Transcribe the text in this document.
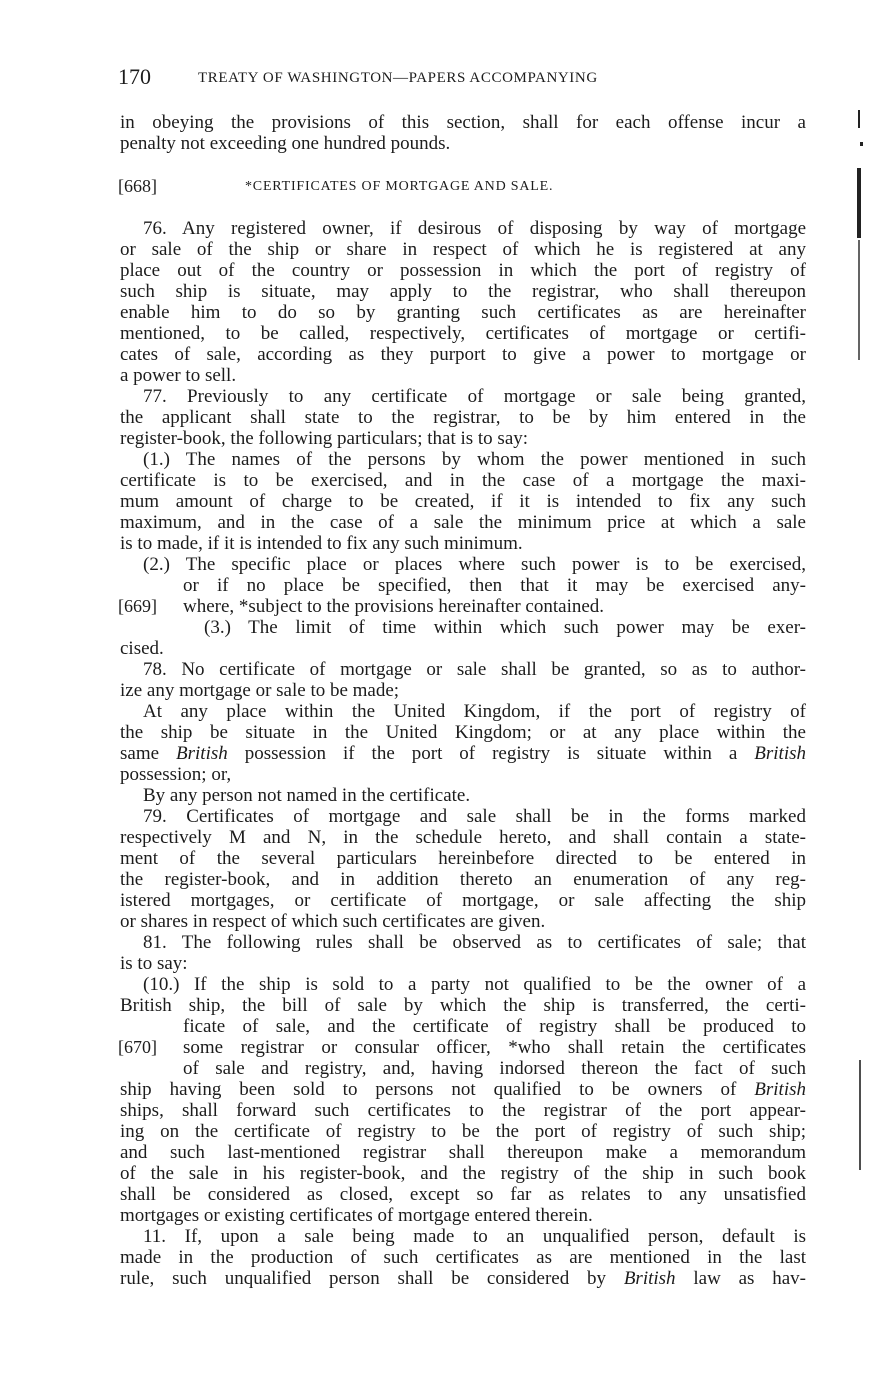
170	TREATY OF WASHINGTON—PAPERS ACCOMPANYING
in obeying the provisions of this section, shall for each offense incur a
penalty not exceeding one hundred pounds.
[668]	*CERTIFICATES OF MORTGAGE AND SALE.
76. Any registered owner, if desirous of disposing by way of mortgage
or sale of the ship or share in respect of which he is registered at any
place out of the country or possession in which the port of registry of
such ship is situate, may apply to the registrar, who shall thereupon
enable him to do so by granting such certificates as are hereinafter
mentioned, to be called, respectively, certificates of mortgage or certifi-
cates of sale, according as they purport to give a power to mortgage or
a power to sell.
77. Previously to any certificate of mortgage or sale being granted,
the applicant shall state to the registrar, to be by him entered in the
register-book, the following particulars; that is to say:
(1.) The names of the persons by whom the power mentioned in such
certificate is to be exercised, and in the case of a mortgage the maxi-
mum amount of charge to be created, if it is intended to fix any such
maximum, and in the case of a sale the minimum price at which a sale
is to made, if it is intended to fix any such minimum.
(2.) The specific place or places where such power is to be exercised,
or if no place be specified, then that it may be exercised any-
[669] where, *subject to the provisions hereinafter contained.
(3.) The limit of time within which such power may be exer-
cised.
78. No certificate of mortgage or sale shall be granted, so as to author-
ize any mortgage or sale to be made;
At any place within the United Kingdom, if the port of registry of
the ship be situate in the United Kingdom; or at any place within the
same British possession if the port of registry is situate within a British
possession; or,
By any person not named in the certificate.
79. Certificates of mortgage and sale shall be in the forms marked
respectively M and N, in the schedule hereto, and shall contain a state-
ment of the several particulars hereinbefore directed to be entered in
the register-book, and in addition thereto an enumeration of any reg-
istered mortgages, or certificate of mortgage, or sale affecting the ship
or shares in respect of which such certificates are given.
81. The following rules shall be observed as to certificates of sale; that
is to say:
(10.) If the ship is sold to a party not qualified to be the owner of a
British ship, the bill of sale by which the ship is transferred, the certi-
ficate of sale, and the certificate of registry shall be produced to
[670] some registrar or consular officer, *who shall retain the certificates
of sale and registry, and, having indorsed thereon the fact of such
ship having been sold to persons not qualified to be owners of British
ships, shall forward such certificates to the registrar of the port appear-
ing on the certificate of registry to be the port of registry of such ship;
and such last-mentioned registrar shall thereupon make a memorandum
of the sale in his register-book, and the registry of the ship in such book
shall be considered as closed, except so far as relates to any unsatisfied
mortgages or existing certificates of mortgage entered therein.
11. If, upon a sale being made to an unqualified person, default is
made in the production of such certificates as are mentioned in the last
rule, such unqualified person shall be considered by British law as hav-
